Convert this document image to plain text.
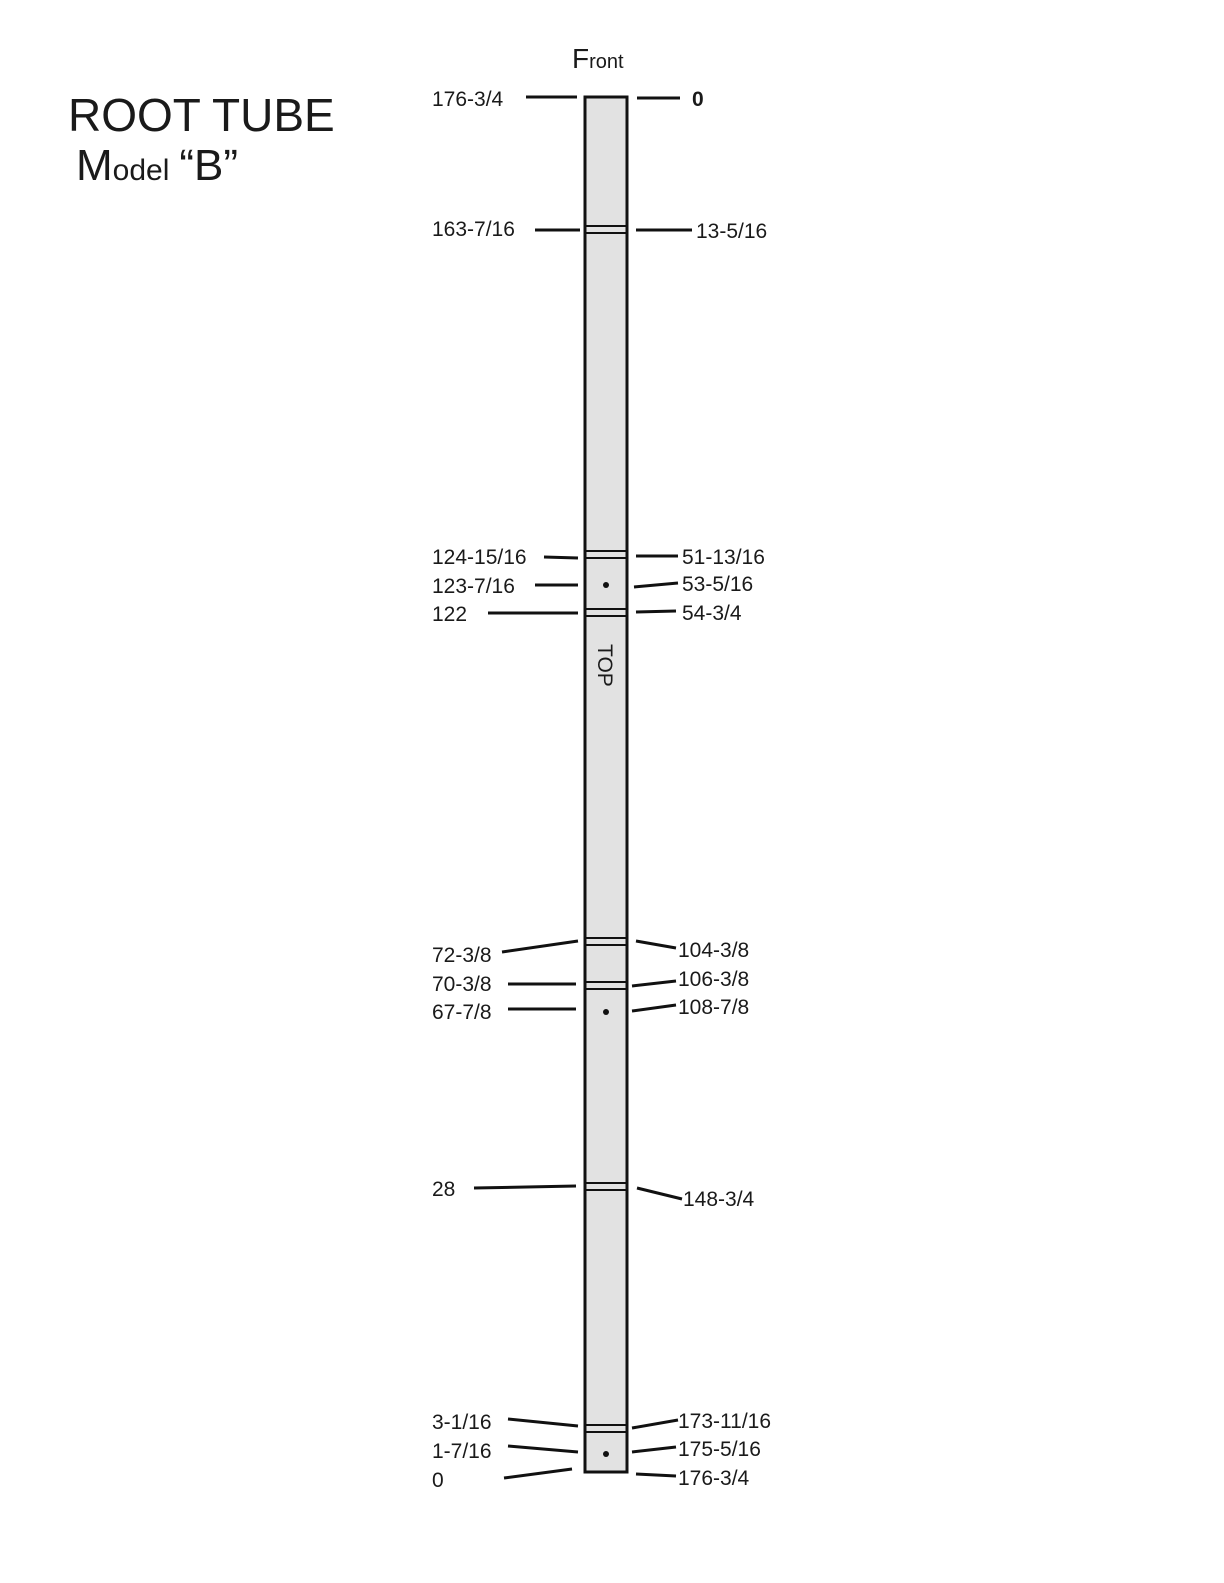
ROOT TUBE
Model “B”
Front
TOP
176-3/4
163-7/16
124-15/16
123-7/16
122
72-3/8
70-3/8
67-7/8
28
3-1/16
1-7/16
0
0
13-5/16
51-13/16
53-5/16
54-3/4
104-3/8
106-3/8
108-7/8
148-3/4
173-11/16
175-5/16
176-3/4
